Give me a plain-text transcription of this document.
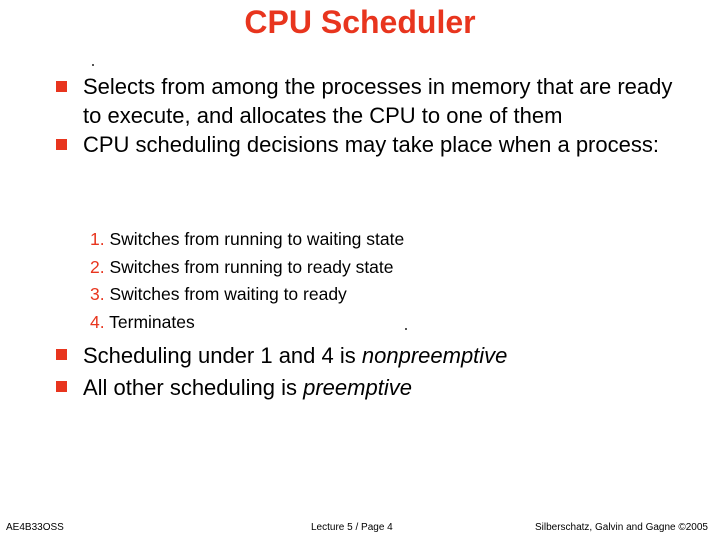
CPU Scheduler
Selects from among the processes in memory that are ready to execute, and allocates the CPU to one of them
CPU scheduling decisions may take place when a process:
1. Switches from running to waiting state
2. Switches from running to ready state
3. Switches from waiting to ready
4. Terminates
Scheduling under 1 and 4 is nonpreemptive
All other scheduling is preemptive
AE4B33OSS	Lecture 5 / Page 4	Silberschatz, Galvin and Gagne ©2005
